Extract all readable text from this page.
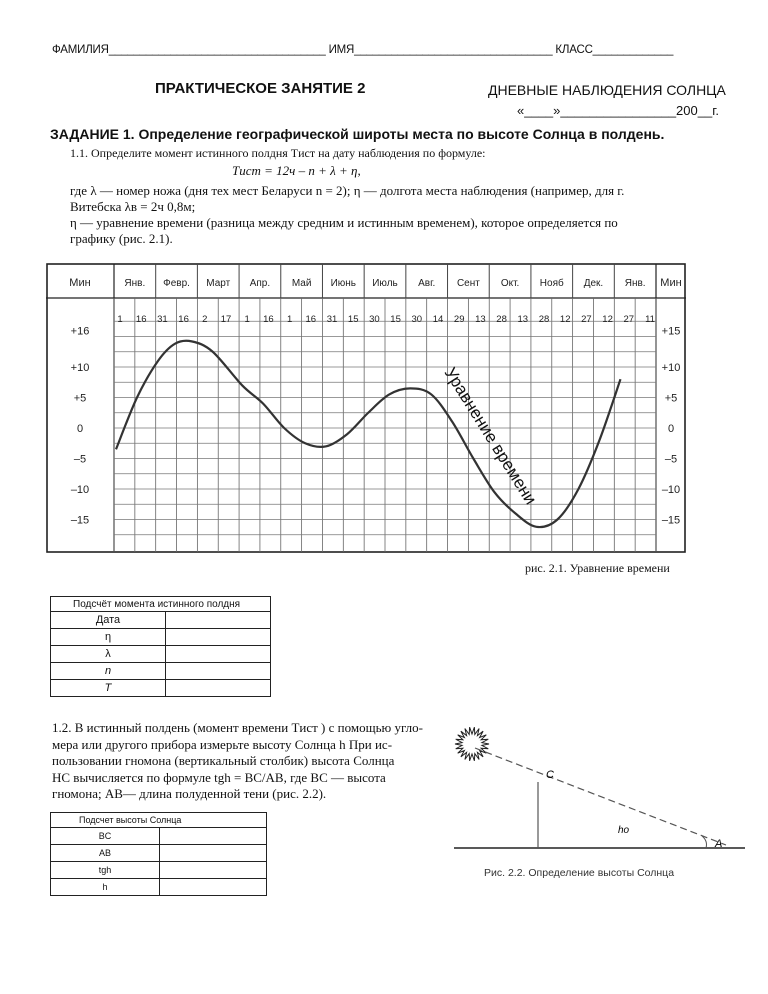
ФАМИЛИЯ___________________________________ ИМЯ________________________________ КЛАСС_____________
ПРАКТИЧЕСКОЕ ЗАНЯТИЕ 2	ДНЕВНЫЕ НАБЛЮДЕНИЯ СОЛНЦА
«____»________________200__г.
ЗАДАНИЕ 1. Определение географической широты места по высоте Солнца в полдень.
1.1. Определите момент истинного полдня Tист на дату наблюдения по формуле:
Tист = 12ч – n + λ + η,
где λ — номер ножа (дня тех мест Беларуси n = 2); η — долгота места наблюдения (например, для г.
Витебска λв = 2ч 0,8м;
η — уравнение времени (разница между средним и истинным временем), которое определяется по
графику (рис. 2.1).
Янв. Февр. Март Апр. Май Июнь Июль Авг. Сент Окт. Нояб Дек. Янв.
Мин	Мин
1 16 31 16 2 17 1 16 1 16 31 15 30 15 30 14 29 13 28 13 28 12 27 12 27 11
+16
+10
+5
0
–5
–10
–15
+15
+10
+5
0
–5
–10
–15
Уравнение времени
рис. 2.1. Уравнение времени
Подсчёт момента истинного полдня	
Дата	
η	
λ	
n	
T	
1.2. В истинный полдень (момент времени Tист ) с помощью угло-
мера или другого прибора измерьте высоту Солнца h При ис-
пользовании гномона (вертикальный столбик) высота Солнца
HC вычисляется по формуле tgh = BC/AB, где BC — высота
гномона; AB— длина полуденной тени (рис. 2.2).
Подсчет высоты Солнца	
BC	
AB	
tgh	
h	
C
A
hо
Рис. 2.2. Определение высоты Солнца
